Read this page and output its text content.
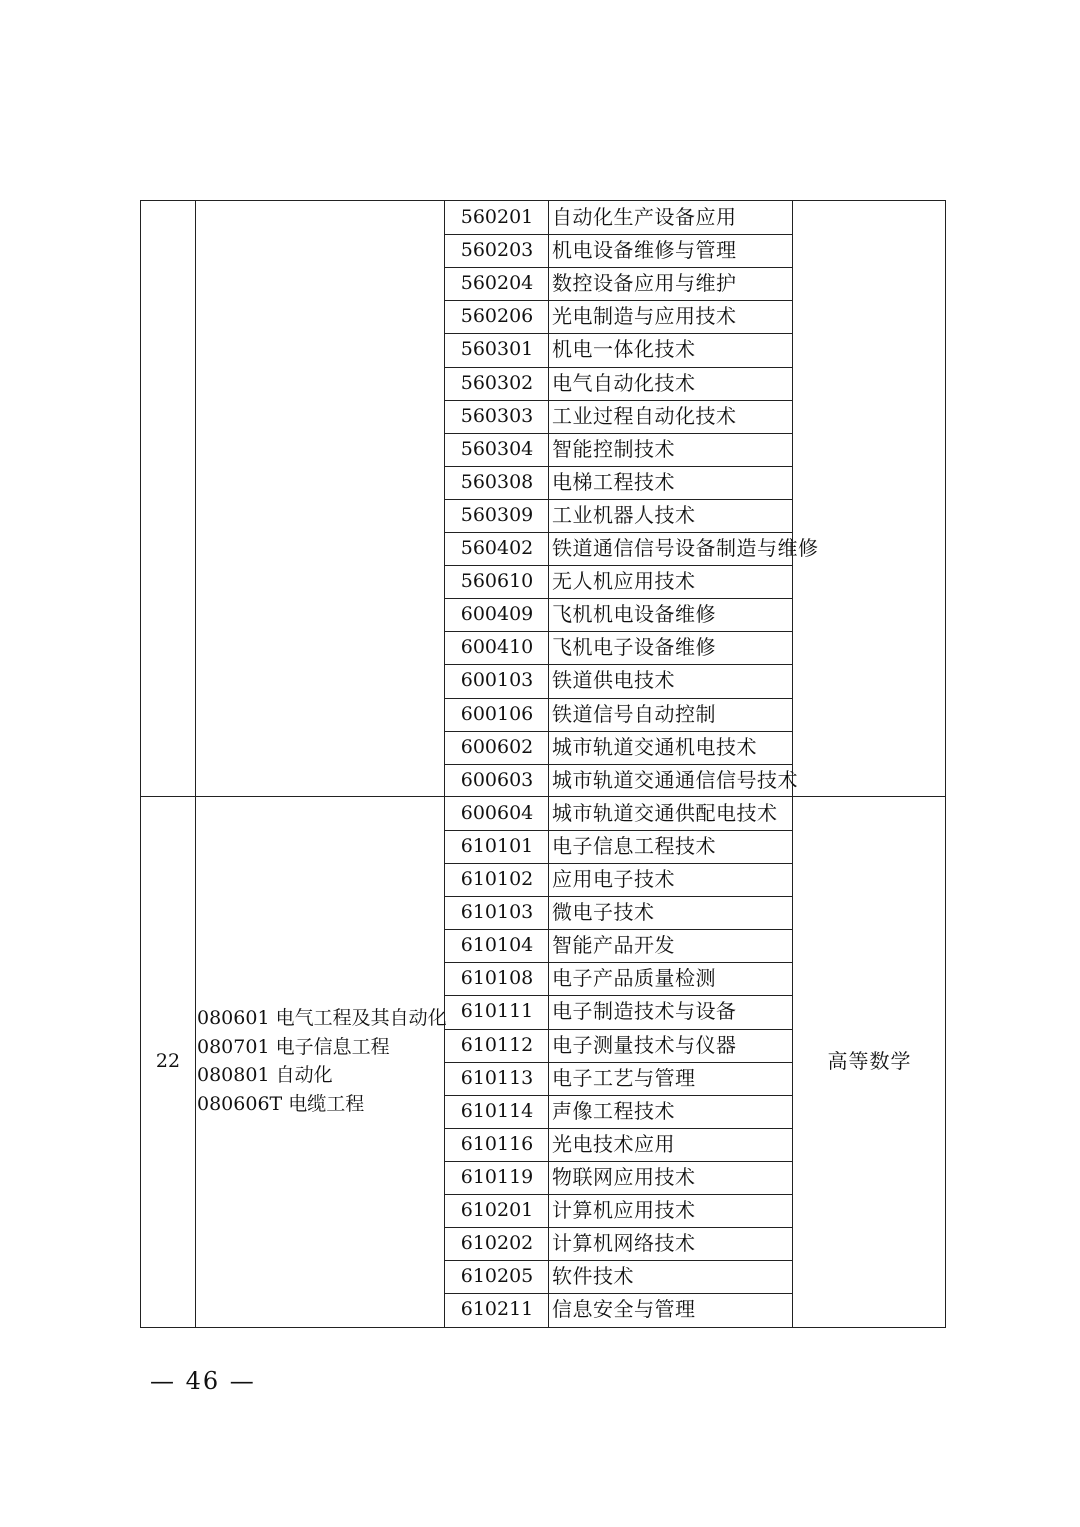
560201 自动化生产设备应用
560203 机电设备维修与管理
560204 数控设备应用与维护
560206 光电制造与应用技术
560301 机电一体化技术
560302 电气自动化技术
560303 工业过程自动化技术
560304 智能控制技术
560308 电梯工程技术
560309 工业机器人技术
560402 铁道通信信号设备制造与维修
560610 无人机应用技术
600409 飞机机电设备维修
600410 飞机电子设备维修
600103 铁道供电技术
600106 铁道信号自动控制
600602 城市轨道交通机电技术
600603 城市轨道交通通信信号技术
600604 城市轨道交通供配电技术
610101 电子信息工程技术
610102 应用电子技术
610103 微电子技术
610104 智能产品开发
610108 电子产品质量检测
610111 电子制造技术与设备
610112 电子测量技术与仪器
610113 电子工艺与管理
610114 声像工程技术
610116 光电技术应用
610119 物联网应用技术
610201 计算机应用技术
610202 计算机网络技术
610205 软件技术
610211 信息安全与管理
22
080601 电气工程及其自动化
080701 电子信息工程
080801 自动化
080606T 电缆工程
高等数学
— 46 —
